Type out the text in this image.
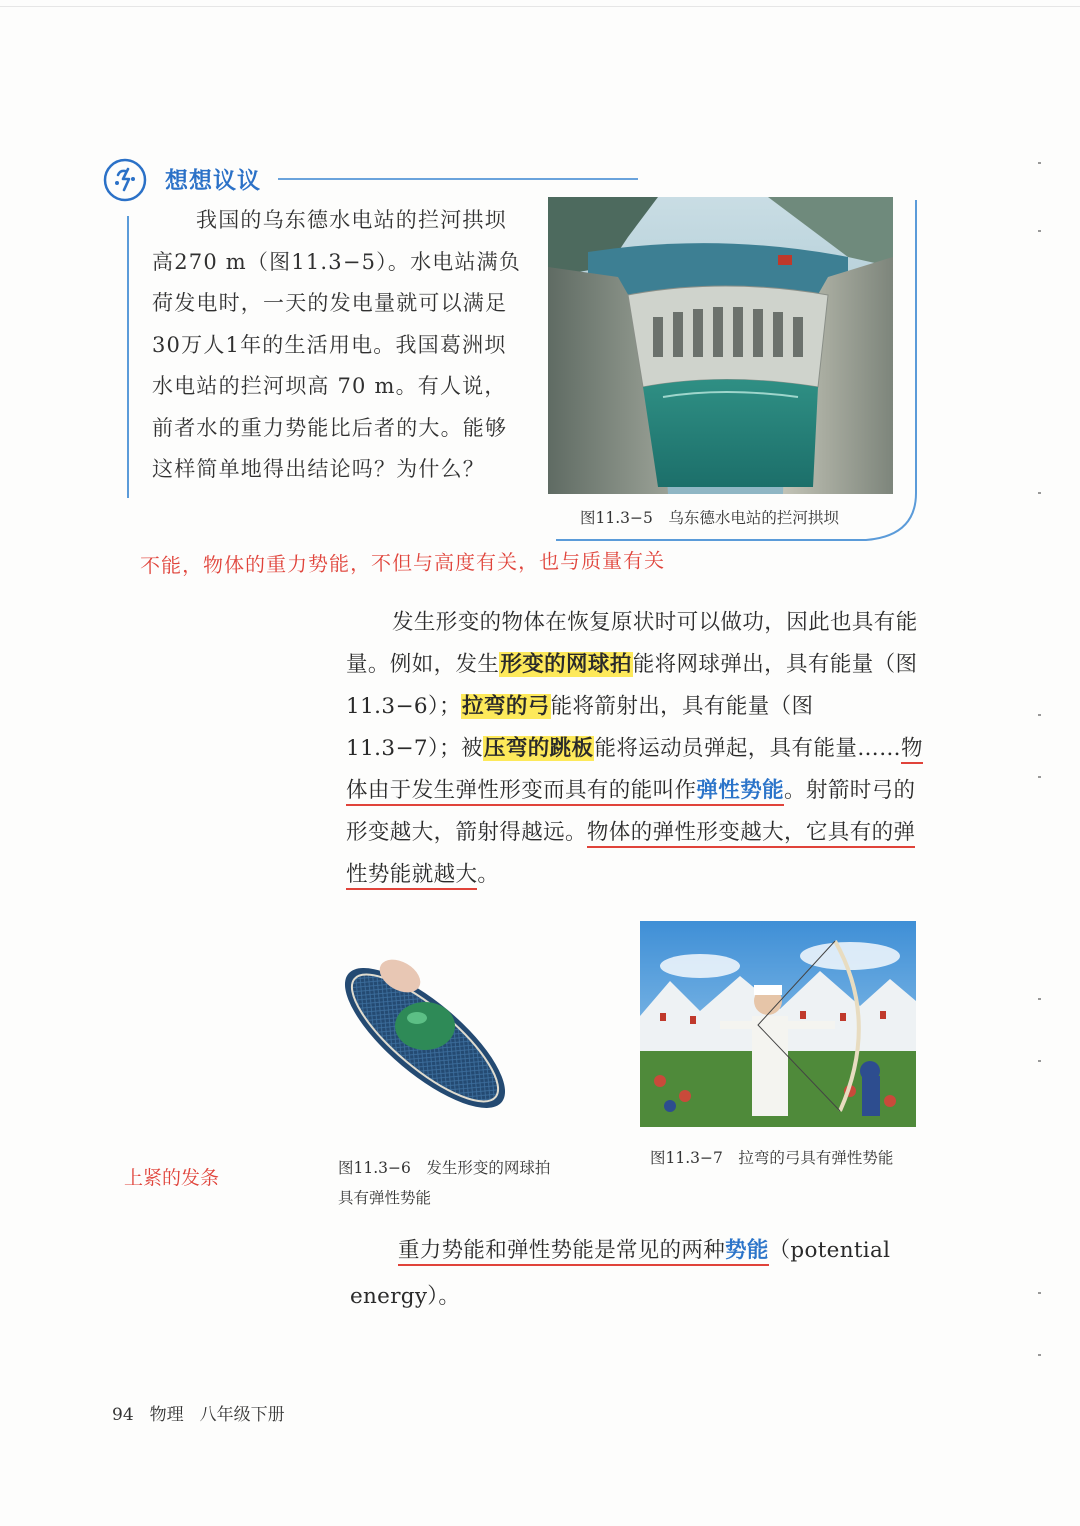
想想议议

我国的乌东德水电站的拦河拱坝高270 m（图11.3−5）。水电站满负荷发电时，一天的发电量就可以满足30万人1年的生活用电。我国葛洲坝水电站的拦河坝高 70 m。有人说，前者水的重力势能比后者的大。能够这样简单地得出结论吗？为什么？

图11.3−5　乌东德水电站的拦河拱坝
不能，物体的重力势能，不但与高度有关，也与质量有关

发生形变的物体在恢复原状时可以做功，因此也具有能量。例如，发生形变的网球拍能将网球弹出，具有能量（图11.3−6）；拉弯的弓能将箭射出，具有能量（图11.3−7）；被压弯的跳板能将运动员弹起，具有能量……物体由于发生弹性形变而具有的能叫作弹性势能。射箭时弓的形变越大，箭射得越远。物体的弹性形变越大，它具有的弹性势能就越大。

图11.3−6　发生形变的网球拍具有弹性势能

图11.3−7　拉弯的弓具有弹性势能
上紧的发条

重力势能和弹性势能是常见的两种势能（potential energy）。

94 物理 八年级下册
